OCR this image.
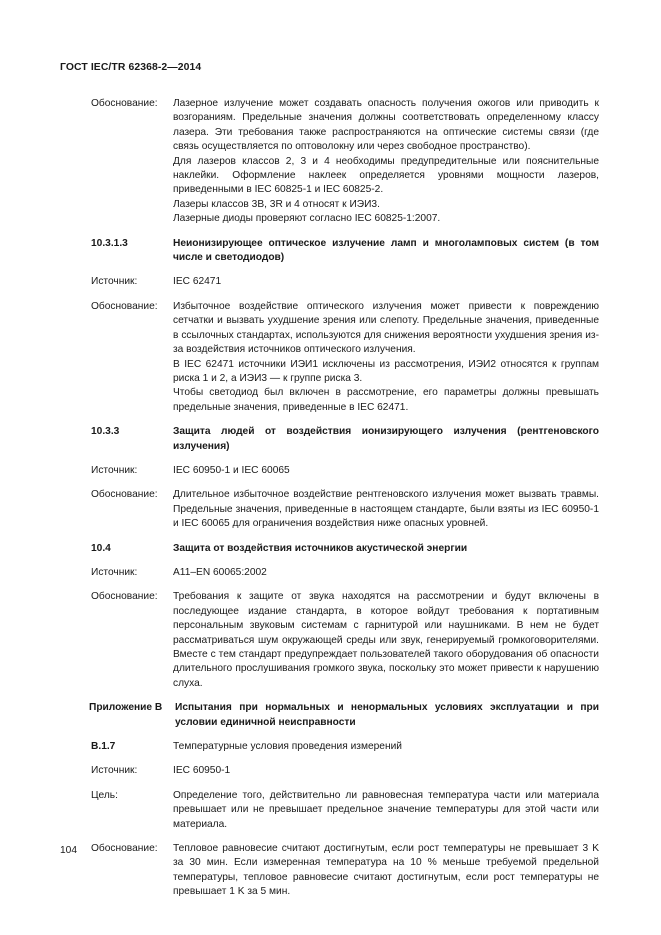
ГОСТ IEC/TR 62368-2—2014
Обоснование:	Лазерное излучение может создавать опасность получения ожогов или приводить к возгораниям. Предельные значения должны соответствовать определенному классу лазера. Эти требования также распространяются на оптические системы связи (где связь осуществляется по оптоволокну или через свободное пространство).

Для лазеров классов 2, 3 и 4 необходимы предупредительные или пояснительные наклейки. Оформление наклеек определяется уровнями мощности лазеров, приведенными в IEC 60825-1 и IEC 60825-2.

Лазеры классов 3B, 3R и 4 относят к ИЭИ3.

Лазерные диоды проверяют согласно IEC 60825-1:2007.

10.3.1.3	Неионизирующее оптическое излучение ламп и многоламповых систем (в том числе и светодиодов)

Источник:	IEC 62471

Обоснование:	Избыточное воздействие оптического излучения может привести к повреждению сетчатки и вызвать ухудшение зрения или слепоту. Предельные значения, приведенные в ссылочных стандартах, используются для снижения вероятности ухудшения зрения из-за воздействия источников оптического излучения.

В IEC 62471 источники ИЭИ1 исключены из рассмотрения, ИЭИ2 относятся к группам риска 1 и 2, а ИЭИ3 — к группе риска 3.

Чтобы светодиод был включен в рассмотрение, его параметры должны превышать предельные значения, приведенные в IEC 62471.

10.3.3	Защита людей от воздействия ионизирующего излучения (рентгеновского излучения)

Источник:	IEC 60950-1 и IEC 60065

Обоснование:	Длительное избыточное воздействие рентгеновского излучения может вызвать травмы. Предельные значения, приведенные в настоящем стандарте, были взяты из IEC 60950-1 и IEC 60065 для ограничения воздействия ниже опасных уровней.

10.4	Защита от воздействия источников акустической энергии

Источник:	A11–EN 60065:2002

Обоснование:	Требования к защите от звука находятся на рассмотрении и будут включены в последующее издание стандарта, в которое войдут требования к портативным персональным звуковым системам с гарнитурой или наушниками. В нем не будет рассматриваться шум окружающей среды или звук, генерируемый громкоговорителями. Вместе с тем стандарт предупреждает пользователей такого оборудования об опасности длительного прослушивания громкого звука, поскольку это может привести к нарушению слуха.

Приложение B	Испытания при нормальных и ненормальных условиях эксплуатации и при условии единичной неисправности

B.1.7	Температурные условия проведения измерений

Источник:	IEC 60950-1

Цель:	Определение того, действительно ли равновесная температура части или материала превышает или не превышает предельное значение температуры для этой части или материала.

Обоснование:	Тепловое равновесие считают достигнутым, если рост температуры не превышает 3 K за 30 мин. Если измеренная температура на 10 % меньше требуемой предельной температуры, тепловое равновесие считают достигнутым, если рост температуры не превышает 1 K за 5 мин.

104
